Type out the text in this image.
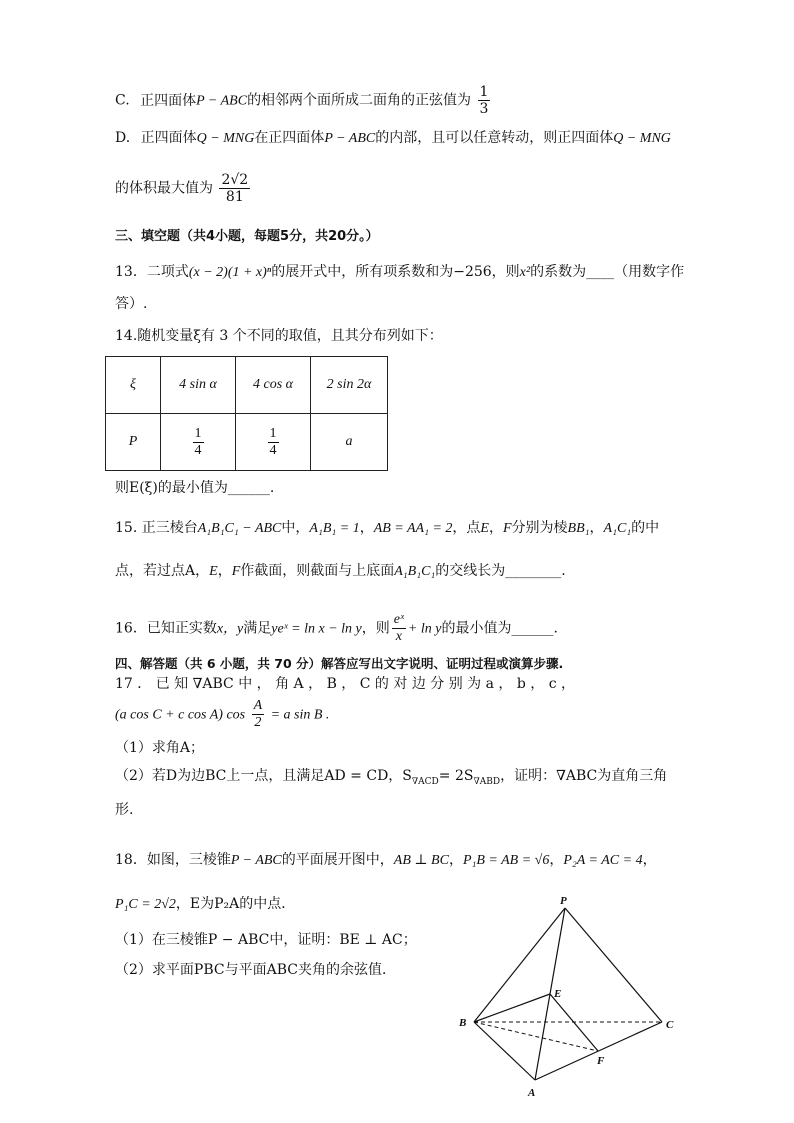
C. 正四面体P − ABC的相邻两个面所成二面角的正弦值为 $\frac{1}{3}$
D. 正四面体Q − MNG在正四面体P − ABC的内部，且可以任意转动，则正四面体Q − MNG
的体积最大值为 $\frac{2√2}{81}$
三、填空题（共4小题，每题5分，共20分。）
13．二项式(x − 2)(1 + x)ⁿ的展开式中，所有项系数和为−256，则x²的系数为____（用数字作
答）.
14.随机变量ξ有 3 个不同的取值，且其分布列如下：
ξ	4 sin α	4 cos α	2 sin 2α
P	$\frac{1}{4}$	$\frac{1}{4}$	a
则E(ξ)的最小值为______.
15. 正三棱台A₁B₁C₁ − ABC中，A₁B₁ = 1，AB = AA₁ = 2，点E，F分别为棱BB₁，A₁C₁的中
点，若过点A，E，F作截面，则截面与上底面A₁B₁C₁的交线长为________.
16．已知正实数x，y满足yeˣ = ln x − ln y，则 $\frac{\text{eˣ}}{x} + \ln y$的最小值为______.
四、解答题（共 6 小题，共 70 分）解答应写出文字说明、证明过程或演算步骤.
17 ． 已 知 ∇ABC 中 ， 角 A ， B ， C 的 对 边 分 别 为 a ， b ， c ，
(a cos C + c cos A) $\cos \frac{A}{2} = a$ sin B .
（1）求角A；
（2）若D为边BC上一点，且满足AD = CD，$S_{\nabla ACD}= 2S_{\nabla ABD}$，证明：∇ABC为直角三角
形.
18．如图，三棱锥P − ABC的平面展开图中，AB ⊥ BC，P₁B = AB = √6，P₂A = AC = 4，
P₁C = 2√2，E为P₂A的中点．
（1）在三棱锥P − ABC中，证明：BE ⊥ AC；
（2）求平面PBC与平面ABC夹角的余弦值．
P
B	C
E
F
A
